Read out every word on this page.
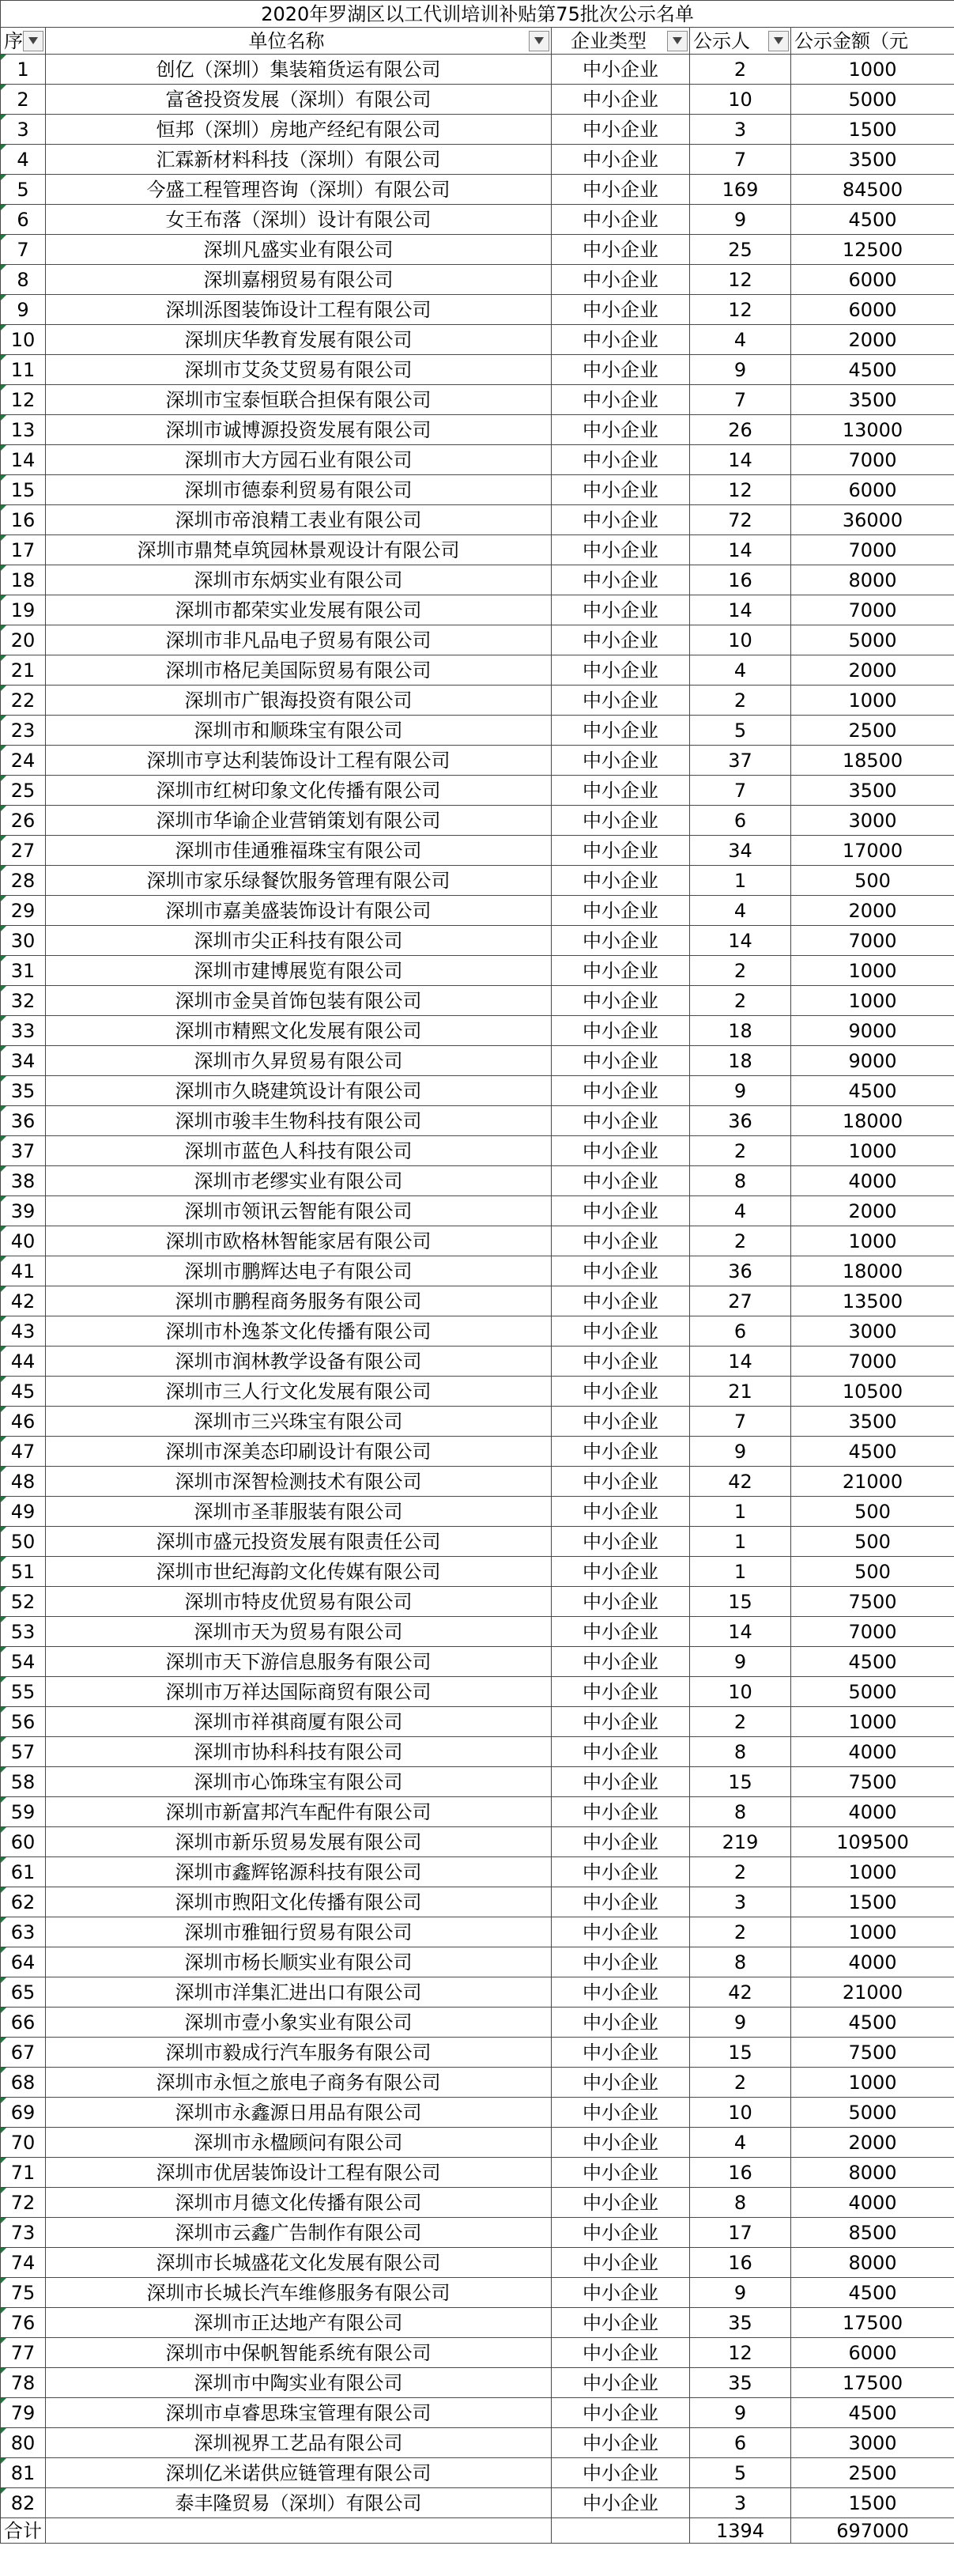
2020年罗湖区以工代训培训补贴第75批次公示名单				

序	单位名称	企业类型	公示人	公示金额（元
1	创亿（深圳）集装箱货运有限公司	中小企业	2	1000
2	富爸投资发展（深圳）有限公司	中小企业	10	5000
3	恒邦（深圳）房地产经纪有限公司	中小企业	3	1500
4	汇霖新材料科技（深圳）有限公司	中小企业	7	3500
5	今盛工程管理咨询（深圳）有限公司	中小企业	169	84500
6	女王布落（深圳）设计有限公司	中小企业	9	4500
7	深圳凡盛实业有限公司	中小企业	25	12500
8	深圳嘉栩贸易有限公司	中小企业	12	6000
9	深圳泺图装饰设计工程有限公司	中小企业	12	6000
10	深圳庆华教育发展有限公司	中小企业	4	2000
11	深圳市艾灸艾贸易有限公司	中小企业	9	4500
12	深圳市宝泰恒联合担保有限公司	中小企业	7	3500
13	深圳市诚博源投资发展有限公司	中小企业	26	13000
14	深圳市大方园石业有限公司	中小企业	14	7000
15	深圳市德泰利贸易有限公司	中小企业	12	6000
16	深圳市帝浪精工表业有限公司	中小企业	72	36000
17	深圳市鼎梵卓筑园林景观设计有限公司	中小企业	14	7000
18	深圳市东炳实业有限公司	中小企业	16	8000
19	深圳市都荣实业发展有限公司	中小企业	14	7000
20	深圳市非凡品电子贸易有限公司	中小企业	10	5000
21	深圳市格尼美国际贸易有限公司	中小企业	4	2000
22	深圳市广银海投资有限公司	中小企业	2	1000
23	深圳市和顺珠宝有限公司	中小企业	5	2500
24	深圳市亨达利装饰设计工程有限公司	中小企业	37	18500
25	深圳市红树印象文化传播有限公司	中小企业	7	3500
26	深圳市华谕企业营销策划有限公司	中小企业	6	3000
27	深圳市佳通雅福珠宝有限公司	中小企业	34	17000
28	深圳市家乐绿餐饮服务管理有限公司	中小企业	1	500
29	深圳市嘉美盛装饰设计有限公司	中小企业	4	2000
30	深圳市尖正科技有限公司	中小企业	14	7000
31	深圳市建博展览有限公司	中小企业	2	1000
32	深圳市金昊首饰包装有限公司	中小企业	2	1000
33	深圳市精熙文化发展有限公司	中小企业	18	9000
34	深圳市久昇贸易有限公司	中小企业	18	9000
35	深圳市久晓建筑设计有限公司	中小企业	9	4500
36	深圳市骏丰生物科技有限公司	中小企业	36	18000
37	深圳市蓝色人科技有限公司	中小企业	2	1000
38	深圳市老缪实业有限公司	中小企业	8	4000
39	深圳市领讯云智能有限公司	中小企业	4	2000
40	深圳市欧格林智能家居有限公司	中小企业	2	1000
41	深圳市鹏辉达电子有限公司	中小企业	36	18000
42	深圳市鹏程商务服务有限公司	中小企业	27	13500
43	深圳市朴逸茶文化传播有限公司	中小企业	6	3000
44	深圳市润林教学设备有限公司	中小企业	14	7000
45	深圳市三人行文化发展有限公司	中小企业	21	10500
46	深圳市三兴珠宝有限公司	中小企业	7	3500
47	深圳市深美态印刷设计有限公司	中小企业	9	4500
48	深圳市深智检测技术有限公司	中小企业	42	21000
49	深圳市圣菲服装有限公司	中小企业	1	500
50	深圳市盛元投资发展有限责任公司	中小企业	1	500
51	深圳市世纪海韵文化传媒有限公司	中小企业	1	500
52	深圳市特皮优贸易有限公司	中小企业	15	7500
53	深圳市天为贸易有限公司	中小企业	14	7000
54	深圳市天下游信息服务有限公司	中小企业	9	4500
55	深圳市万祥达国际商贸有限公司	中小企业	10	5000
56	深圳市祥祺商厦有限公司	中小企业	2	1000
57	深圳市协科科技有限公司	中小企业	8	4000
58	深圳市心饰珠宝有限公司	中小企业	15	7500
59	深圳市新富邦汽车配件有限公司	中小企业	8	4000
60	深圳市新乐贸易发展有限公司	中小企业	219	109500
61	深圳市鑫辉铭源科技有限公司	中小企业	2	1000
62	深圳市煦阳文化传播有限公司	中小企业	3	1500
63	深圳市雅钿行贸易有限公司	中小企业	2	1000
64	深圳市杨长顺实业有限公司	中小企业	8	4000
65	深圳市洋集汇进出口有限公司	中小企业	42	21000
66	深圳市壹小象实业有限公司	中小企业	9	4500
67	深圳市毅成行汽车服务有限公司	中小企业	15	7500
68	深圳市永恒之旅电子商务有限公司	中小企业	2	1000
69	深圳市永鑫源日用品有限公司	中小企业	10	5000
70	深圳市永楹顾问有限公司	中小企业	4	2000
71	深圳市优居装饰设计工程有限公司	中小企业	16	8000
72	深圳市月德文化传播有限公司	中小企业	8	4000
73	深圳市云鑫广告制作有限公司	中小企业	17	8500
74	深圳市长城盛花文化发展有限公司	中小企业	16	8000
75	深圳市长城长汽车维修服务有限公司	中小企业	9	4500
76	深圳市正达地产有限公司	中小企业	35	17500
77	深圳市中保帆智能系统有限公司	中小企业	12	6000
78	深圳市中陶实业有限公司	中小企业	35	17500
79	深圳市卓睿思珠宝管理有限公司	中小企业	9	4500
80	深圳视界工艺品有限公司	中小企业	6	3000
81	深圳亿米诺供应链管理有限公司	中小企业	5	2500
82	泰丰隆贸易（深圳）有限公司	中小企业	3	1500
合计			1394	697000
